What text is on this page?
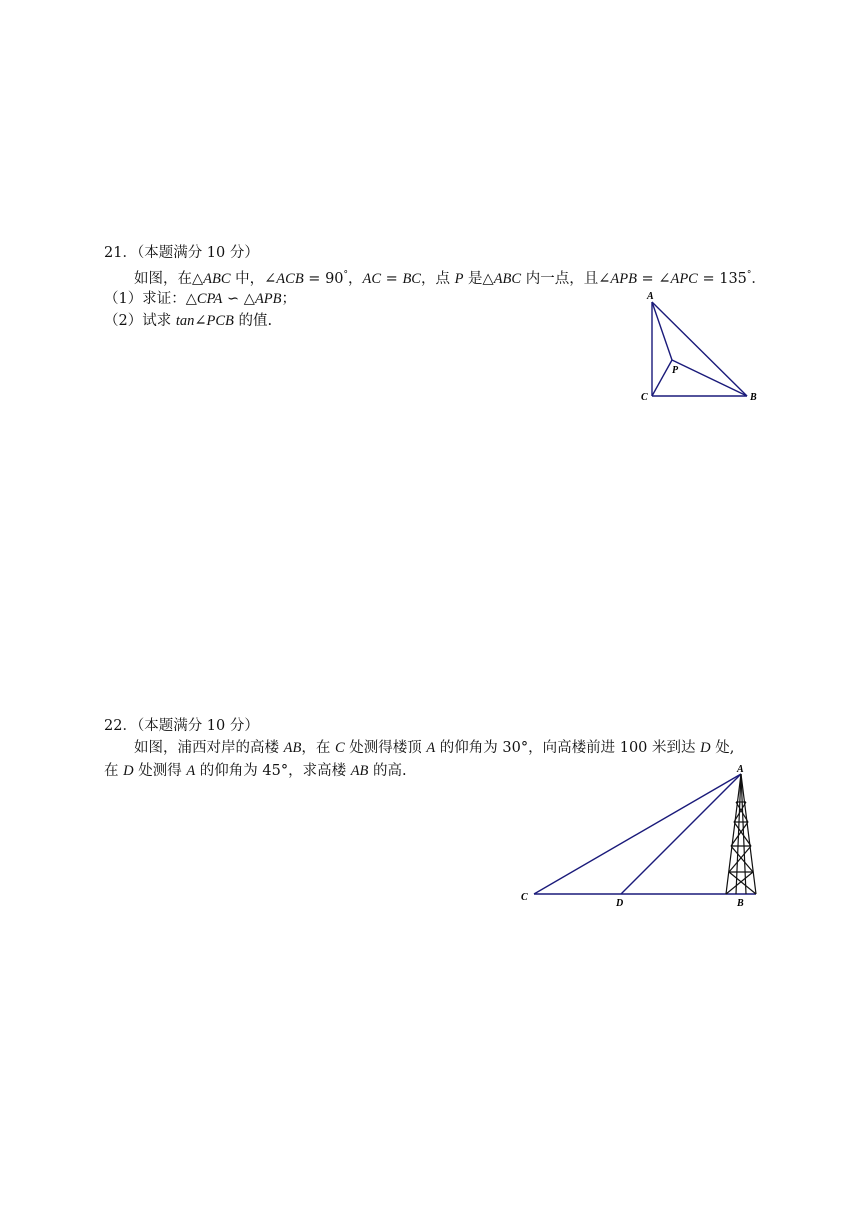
21．（本题满分 10 分）
如图，在△ABC 中，∠ACB = 90°，AC = BC，点 P 是△ABC 内一点，且∠APB = ∠APC = 135°．
（1）求证：△CPA ∽ △APB；
（2）试求 tan∠PCB 的值.
A
C	B
P
22．（本题满分 10 分）
如图，浦西对岸的高楼 AB，在 C 处测得楼顶 A 的仰角为 30°，向高楼前进 100 米到达 D 处,
在 D 处测得 A 的仰角为 45°，求高楼 AB 的高.	A
C
D	B
